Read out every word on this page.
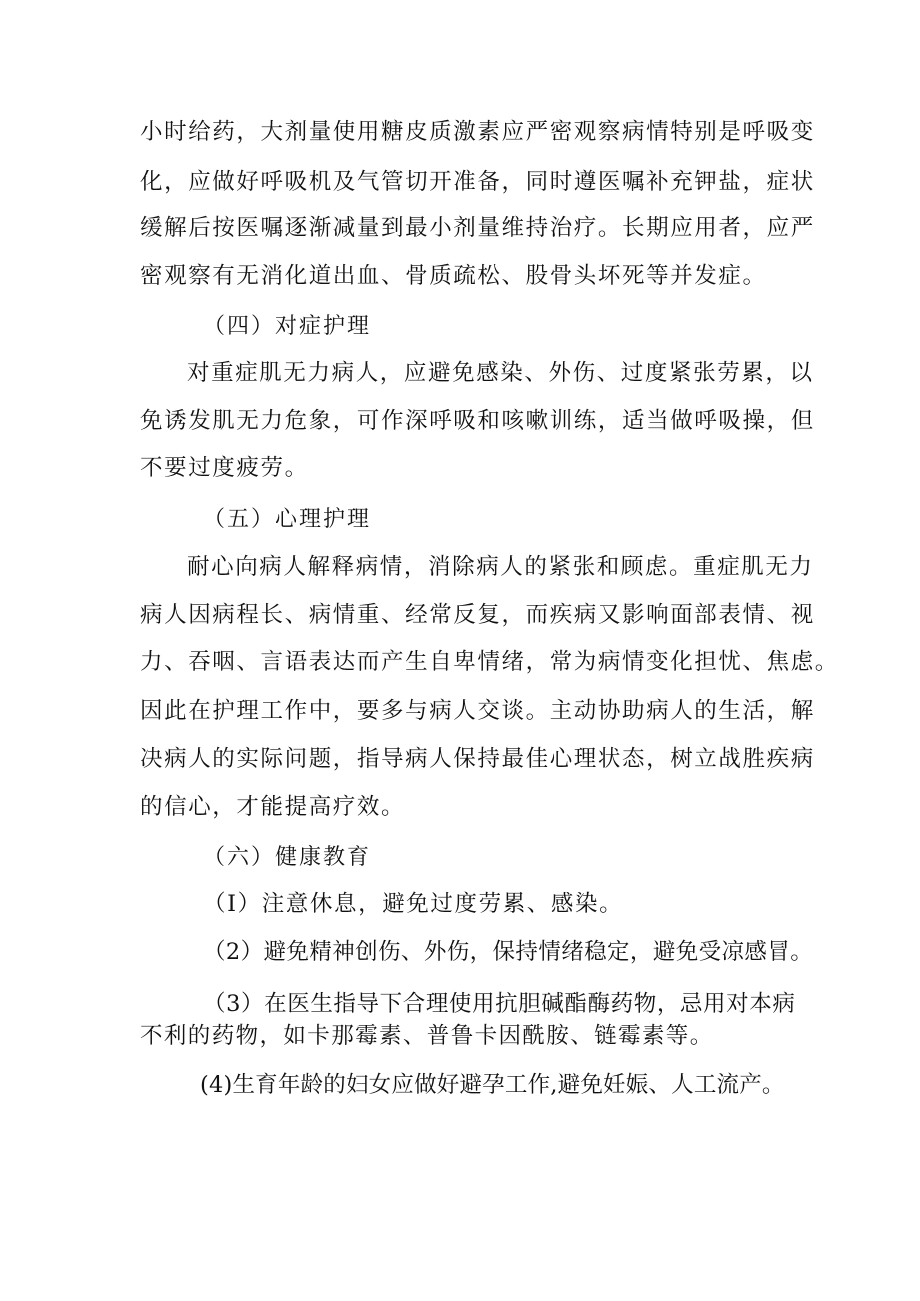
小时给药，大剂量使用糖皮质激素应严密观察病情特别是呼吸变
化，应做好呼吸机及气管切开准备，同时遵医嘱补充钾盐，症状
缓解后按医嘱逐渐减量到最小剂量维持治疗。长期应用者，应严
密观察有无消化道出血、骨质疏松、股骨头坏死等并发症。
（四）对症护理
对重症肌无力病人，应避免感染、外伤、过度紧张劳累，以
免诱发肌无力危象，可作深呼吸和咳嗽训练，适当做呼吸操，但
不要过度疲劳。
（五）心理护理
耐心向病人解释病情，消除病人的紧张和顾虑。重症肌无力
病人因病程长、病情重、经常反复，而疾病又影响面部表情、视
力、吞咽、言语表达而产生自卑情绪，常为病情变化担忧、焦虑。
因此在护理工作中，要多与病人交谈。主动协助病人的生活，解
决病人的实际问题，指导病人保持最佳心理状态，树立战胜疾病
的信心，才能提高疗效。
（六）健康教育
（I）注意休息，避免过度劳累、感染。
（2）避免精神创伤、外伤，保持情绪稳定，避免受凉感冒。
（3）在医生指导下合理使用抗胆碱酯酶药物，忌用对本病
不利的药物，如卡那霉素、普鲁卡因酰胺、链霉素等。
(4)生育年龄的妇女应做好避孕工作,避免妊娠、人工流产。
